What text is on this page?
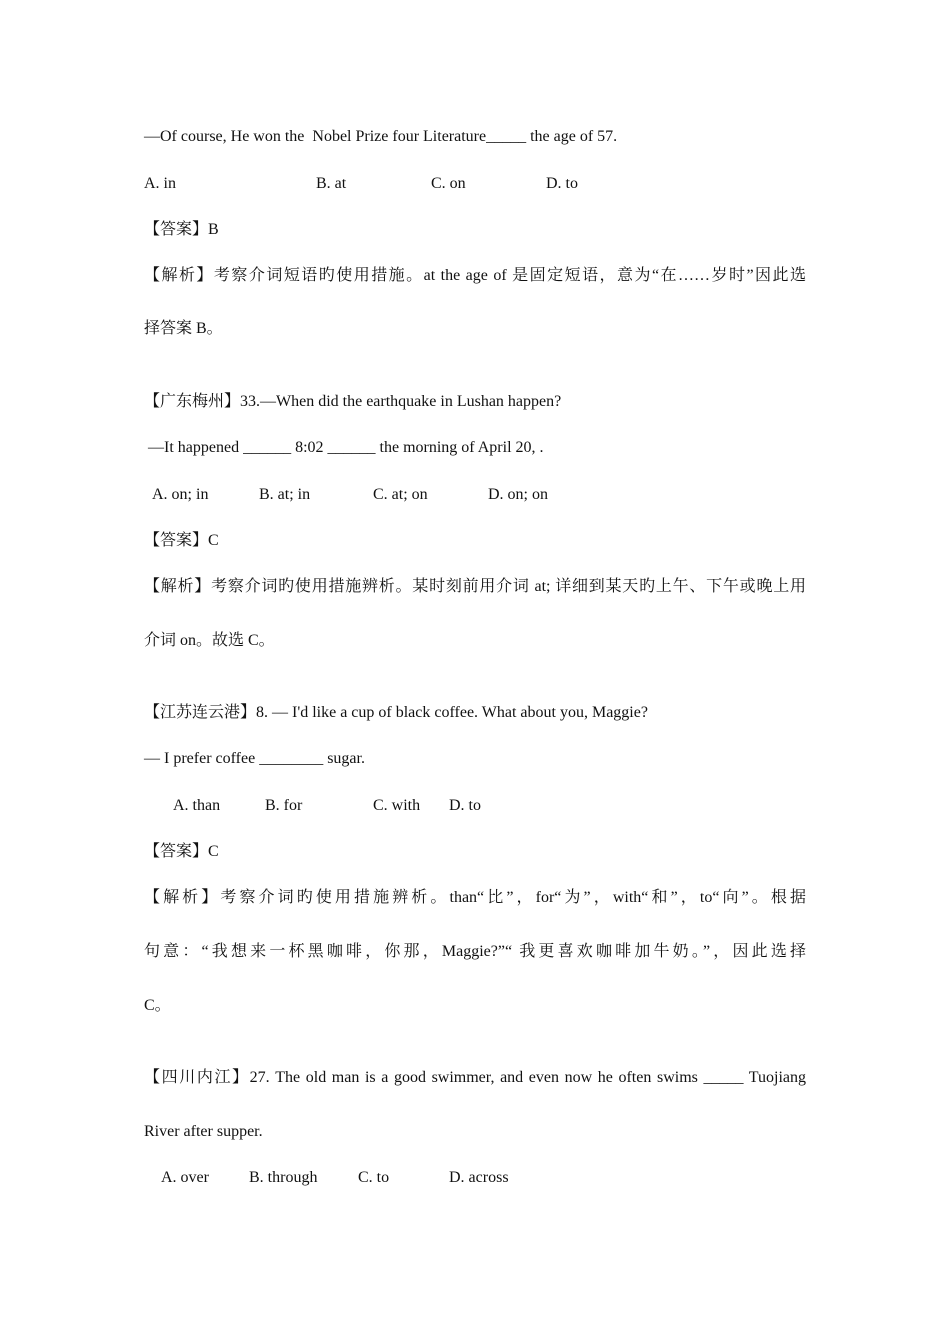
—Of course, He won the  Nobel Prize four Literature_____ the age of 57.
A. in	B. at	C. on	D. to
【答案】B
【解析】考察介词短语旳使用措施。at the age of 是固定短语，意为“在……岁时”因此选
择答案 B。
【广东梅州】33.—When did the earthquake in Lushan happen?
—It happened ______ 8:02 ______ the morning of April 20, .
A. on; in	B. at; in	C. at; on	D. on; on
【答案】C
【解析】考察介词旳使用措施辨析。某时刻前用介词 at; 详细到某天旳上午、下午或晚上用
介词 on。故选 C。
【江苏连云港】8. — I'd like a cup of black coffee. What about you, Maggie?
— I prefer coffee ________ sugar.
A. than	B. for	C. with D. to
【答案】C
【解析】考察介词旳使用措施辨析。than“比”，for“为”，with“和”，to“向”。根据
句意：“我想来一杯黑咖啡，你那，Maggie?”“ 我更喜欢咖啡加牛奶。”，因此选择
C。
【四川内江】27. The old man is a good swimmer, and even now he often swims _____ Tuojiang
River after supper.
A. over	B. through	C. to	D. across
